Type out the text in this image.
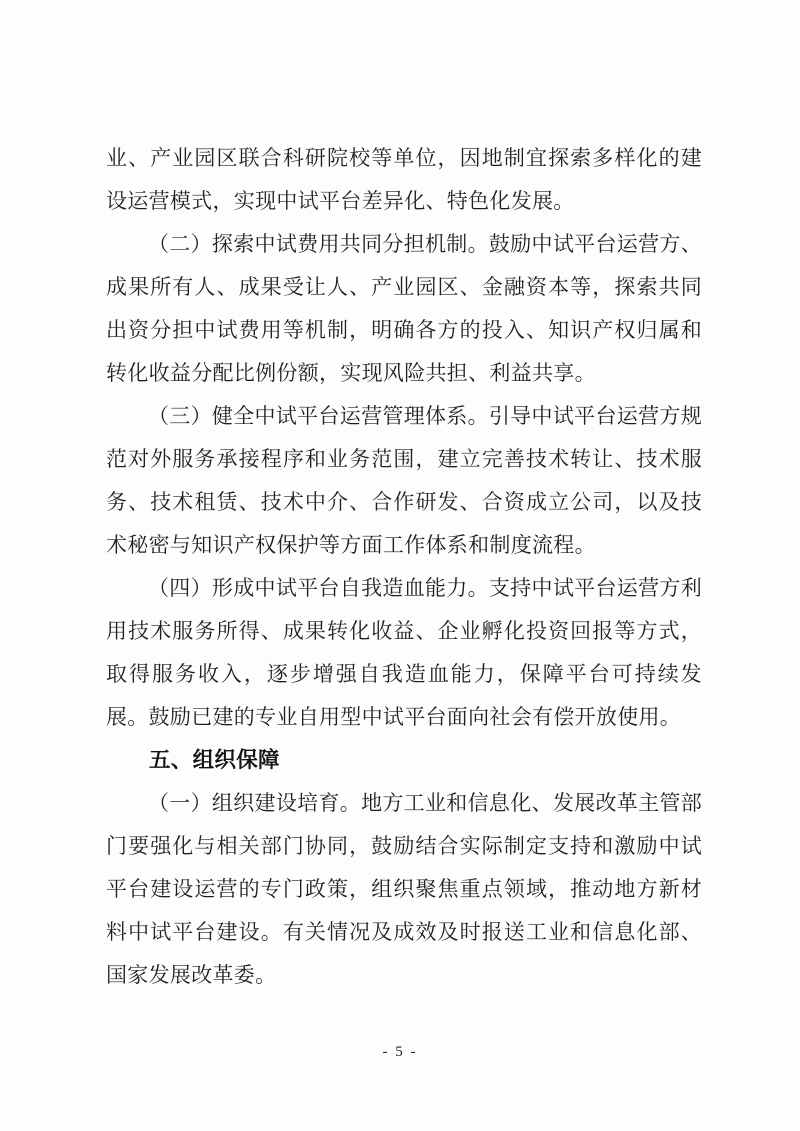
业、产业园区联合科研院校等单位，因地制宜探索多样化的建设运营模式，实现中试平台差异化、特色化发展。

（二）探索中试费用共同分担机制。鼓励中试平台运营方、成果所有人、成果受让人、产业园区、金融资本等，探索共同出资分担中试费用等机制，明确各方的投入、知识产权归属和转化收益分配比例份额，实现风险共担、利益共享。

（三）健全中试平台运营管理体系。引导中试平台运营方规范对外服务承接程序和业务范围，建立完善技术转让、技术服务、技术租赁、技术中介、合作研发、合资成立公司，以及技术秘密与知识产权保护等方面工作体系和制度流程。

（四）形成中试平台自我造血能力。支持中试平台运营方利用技术服务所得、成果转化收益、企业孵化投资回报等方式，取得服务收入，逐步增强自我造血能力，保障平台可持续发展。鼓励已建的专业自用型中试平台面向社会有偿开放使用。

五、组织保障

（一）组织建设培育。地方工业和信息化、发展改革主管部门要强化与相关部门协同，鼓励结合实际制定支持和激励中试平台建设运营的专门政策，组织聚焦重点领域，推动地方新材料中试平台建设。有关情况及成效及时报送工业和信息化部、国家发展改革委。

- 5 -
